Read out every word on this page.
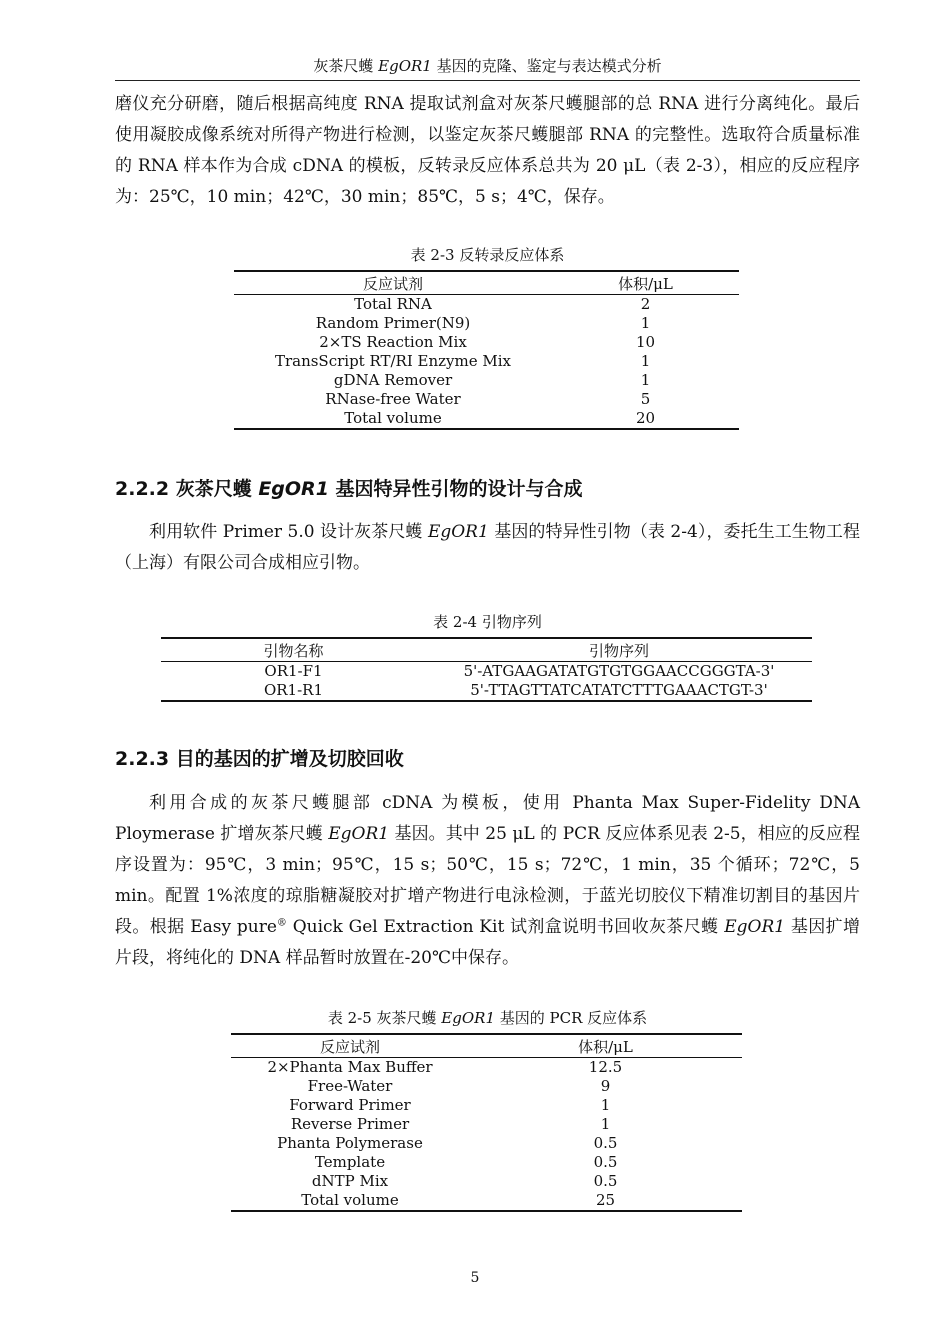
灰茶尺蠖 EgOR1 基因的克隆、鉴定与表达模式分析

磨仪充分研磨，随后根据高纯度 RNA 提取试剂盒对灰茶尺蠖腿部的总 RNA 进行分离纯化。最后使用凝胶成像系统对所得产物进行检测，以鉴定灰茶尺蠖腿部 RNA 的完整性。选取符合质量标准的 RNA 样本作为合成 cDNA 的模板，反转录反应体系总共为 20 μL（表 2-3），相应的反应程序为：25℃，10 min；42℃，30 min；85℃，5 s；4℃，保存。

表 2-3 反转录反应体系
反应试剂	体积/μL
Total RNA	2
Random Primer(N9)	1
2×TS Reaction Mix	10
TransScript RT/RI Enzyme Mix	1
gDNA Remover	1
RNase-free Water	5
Total volume	20
2.2.2 灰茶尺蠖 EgOR1 基因特异性引物的设计与合成

利用软件 Primer 5.0 设计灰茶尺蠖 EgOR1 基因的特异性引物（表 2-4），委托生工生物工程（上海）有限公司合成相应引物。

表 2-4 引物序列
引物名称	引物序列
OR1-F1	5'-ATGAAGATATGTGTGGAACCGGGTA-3'
OR1-R1	5'-TTAGTTATCATATCTTTGAAACTGT-3'
2.2.3 目的基因的扩增及切胶回收

利用合成的灰茶尺蠖腿部 cDNA 为模板，使用 Phanta Max Super-Fidelity DNA Ploymerase 扩增灰茶尺蠖 EgOR1 基因。其中 25 μL 的 PCR 反应体系见表 2-5，相应的反应程序设置为：95℃，3 min；95℃，15 s；50℃，15 s；72℃，1 min，35 个循环；72℃，5 min。配置 1%浓度的琼脂糖凝胶对扩增产物进行电泳检测，于蓝光切胶仪下精准切割目的基因片段。根据 Easy pure® Quick Gel Extraction Kit 试剂盒说明书回收灰茶尺蠖 EgOR1 基因扩增片段，将纯化的 DNA 样品暂时放置在-20℃中保存。

表 2-5 灰茶尺蠖 EgOR1 基因的 PCR 反应体系
反应试剂	体积/μL
2×Phanta Max Buffer	12.5
Free-Water	9
Forward Primer	1
Reverse Primer	1
Phanta Polymerase	0.5
Template	0.5
dNTP Mix	0.5
Total volume	25
5
